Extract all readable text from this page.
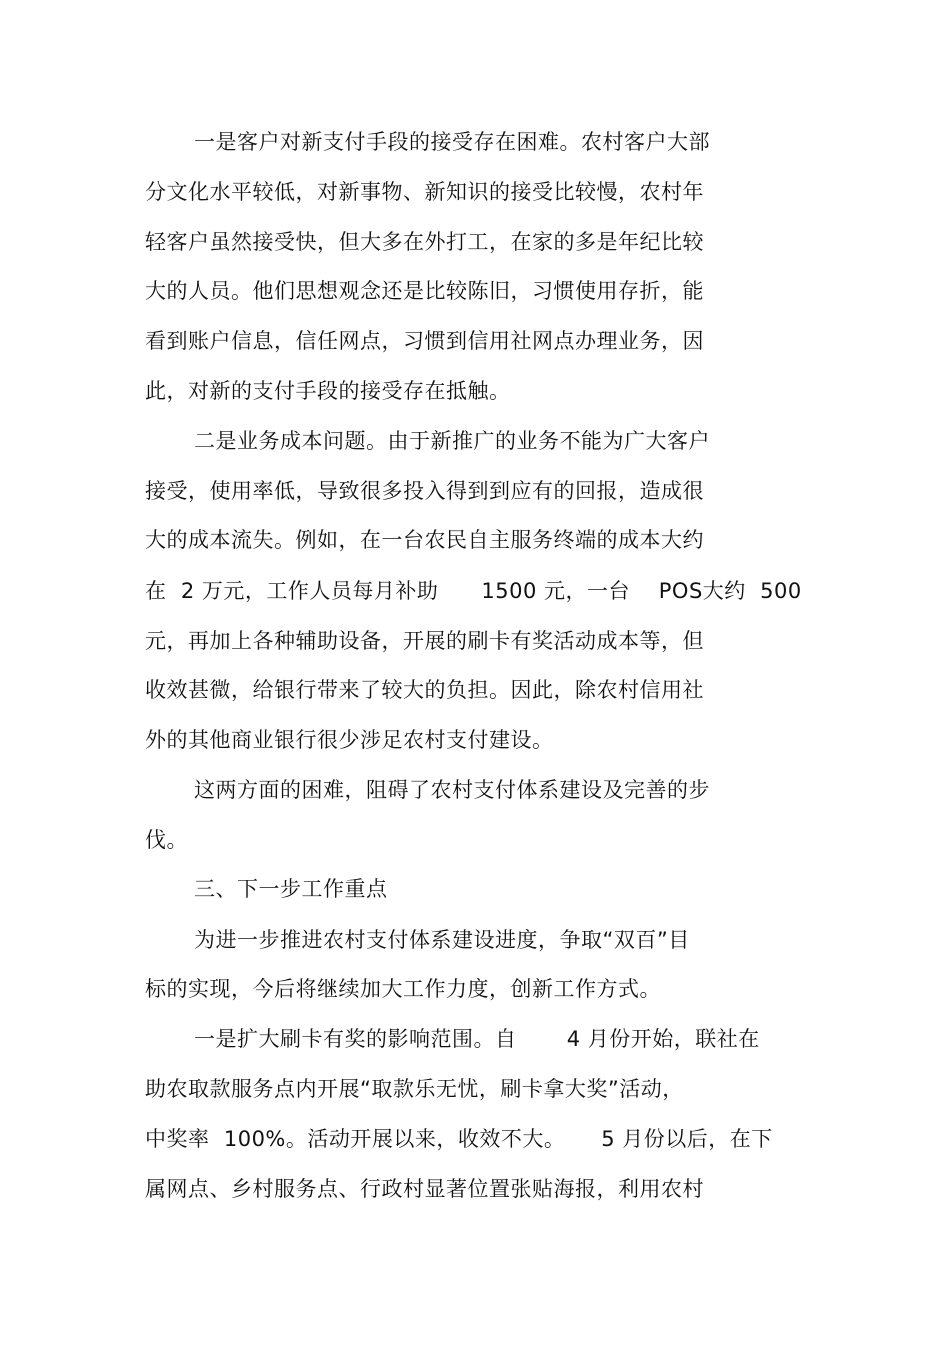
一是客户对新支付手段的接受存在困难。农村客户大部
分文化水平较低，对新事物、新知识的接受比较慢，农村年
轻客户虽然接受快，但大多在外打工，在家的多是年纪比较
大的人员。他们思想观念还是比较陈旧，习惯使用存折，能
看到账户信息，信任网点，习惯到信用社网点办理业务，因
此，对新的支付手段的接受存在抵触。
二是业务成本问题。由于新推广的业务不能为广大客户
接受，使用率低，导致很多投入得到到应有的回报，造成很
大的成本流失。例如，在一台农民自主服务终端的成本大约
在  2 万元，工作人员每月补助      1500 元，一台    POS大约  500
元，再加上各种辅助设备，开展的刷卡有奖活动成本等，但
收效甚微，给银行带来了较大的负担。因此，除农村信用社
外的其他商业银行很少涉足农村支付建设。
这两方面的困难，阻碍了农村支付体系建设及完善的步
伐。
三、下一步工作重点
为进一步推进农村支付体系建设进度，争取“双百”目
标的实现，今后将继续加大工作力度，创新工作方式。
一是扩大刷卡有奖的影响范围。自       4 月份开始，联社在
助农取款服务点内开展“取款乐无忧，刷卡拿大奖”活动，
中奖率  100%。活动开展以来，收效不大。     5 月份以后，在下
属网点、乡村服务点、行政村显著位置张贴海报，利用农村
